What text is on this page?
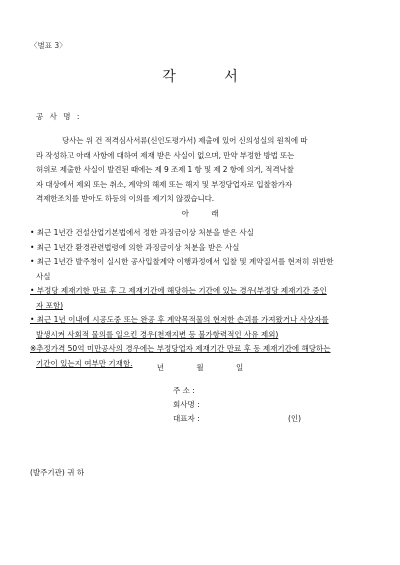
〈별표 3〉
각 서
공 사 명 :
당사는 위 건 적격심사서류(신인도평가서) 제출에 있어 신의성실의 원칙에 따
라 작성하고 아래 사항에 대하여 제재 받은 사실이 없으며, 만약 부정한 방법 또는
허위로 제출한 사실이 발견된 때에는 제 9 조제 1 항 및 제 2 항에 의거, 적격낙찰
자 대상에서 제외 또는 취소, 계약의 해제 또는 해지 및 부정당업자로 입찰참가자
격제한조치를 받아도 하등의 이의를 제기치 않겠습니다.
아 래
• 최근 1년간 건설산업기본법에서 정한 과징금이상 처분을 받은 사실
• 최근 1년간 환경관련법령에 의한 과징금이상 처분을 받은 사실
• 최근 1년간 발주청이 실시한 공사입찰계약 이행과정에서 입찰 및 계약질서를 현저히 위반한
사실
• 부정당 제재기한 만료 후 그 제재기간에 해당하는 기간에 있는 경우(부정당 제재기간 중인
자 포함)
• 최근 1년 이내에 시공도중 또는 완공 후 계약목적물의 현저한 손괴를 가져왔거나 사상자를
발생시켜 사회적 물의를 일으킨 경우(천재지변 등 불가항력적인 사유 제외)
※추정가격 50억 미만공사의 경우에는 부정당업자 제재기간 만료 후 동 제재기간에 해당하는
기간이 있는지 여부만 기재함.	년 월 일
주 소 :
회사명 :
대표자 :	(인)
(발주기관) 귀 하
